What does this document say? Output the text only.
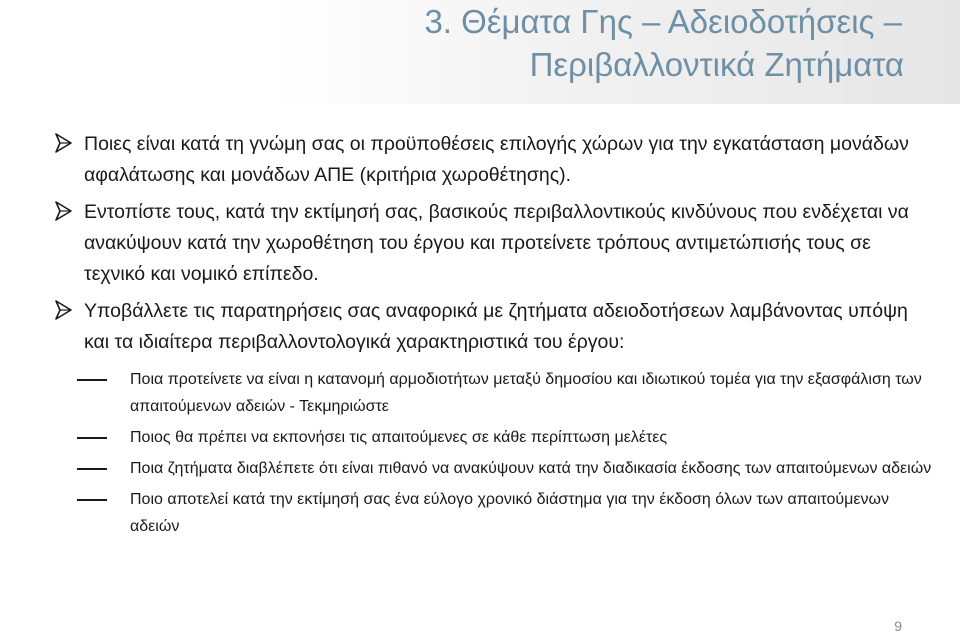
3. Θέματα Γης – Αδειοδοτήσεις –
Περιβαλλοντικά Ζητήματα
Ποιες είναι κατά τη γνώμη σας οι προϋποθέσεις επιλογής χώρων για την εγκατάσταση μονάδων αφαλάτωσης και μονάδων ΑΠΕ (κριτήρια χωροθέτησης).
Εντοπίστε τους, κατά την εκτίμησή σας, βασικούς περιβαλλοντικούς κινδύνους που ενδέχεται να ανακύψουν κατά την χωροθέτηση του έργου και προτείνετε τρόπους αντιμετώπισής τους σε τεχνικό και νομικό επίπεδο.
Υποβάλλετε τις παρατηρήσεις σας αναφορικά με ζητήματα αδειοδοτήσεων λαμβάνοντας υπόψη και τα ιδιαίτερα περιβαλλοντολογικά χαρακτηριστικά του έργου:
Ποια προτείνετε να είναι η κατανομή αρμοδιοτήτων μεταξύ δημοσίου και ιδιωτικού τομέα για την εξασφάλιση των απαιτούμενων αδειών - Τεκμηριώστε
Ποιος θα πρέπει να εκπονήσει τις απαιτούμενες σε κάθε περίπτωση μελέτες
Ποια ζητήματα διαβλέπετε ότι είναι πιθανό να ανακύψουν κατά την διαδικασία έκδοσης των απαιτούμενων αδειών
Ποιο αποτελεί κατά την εκτίμησή σας ένα εύλογο χρονικό διάστημα για την έκδοση όλων των απαιτούμενων αδειών
9
